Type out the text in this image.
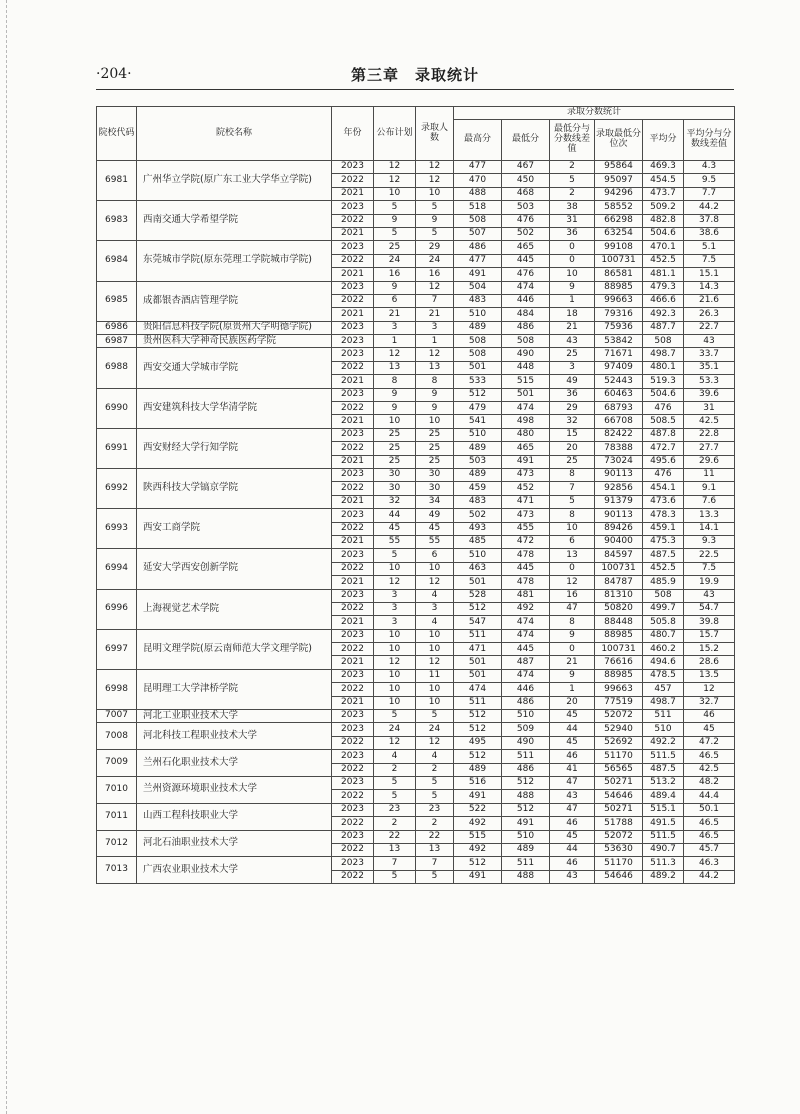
·204·	第三章　录取统计
院校代码	院校名称	年份	公布计划	录取人数	录取分数统计					
					最高分	最低分	最低分与分数线差值	录取最低分位次	平均分	平均分与分数线差值
6981	广州华立学院(原广东工业大学华立学院)	2023	12	12	477	467	2	95864	469.3	4.3
		2022	12	12	470	450	5	95097	454.5	9.5
		2021	10	10	488	468	2	94296	473.7	7.7
6983	西南交通大学希望学院	2023	5	5	518	503	38	58552	509.2	44.2
		2022	9	9	508	476	31	66298	482.8	37.8
		2021	5	5	507	502	36	63254	504.6	38.6
6984	东莞城市学院(原东莞理工学院城市学院)	2023	25	29	486	465	0	99108	470.1	5.1
		2022	24	24	477	445	0	100731	452.5	7.5
		2021	16	16	491	476	10	86581	481.1	15.1
6985	成都银杏酒店管理学院	2023	9	12	504	474	9	88985	479.3	14.3
		2022	6	7	483	446	1	99663	466.6	21.6
		2021	21	21	510	484	18	79316	492.3	26.3
6986	贵阳信息科技学院(原贵州大学明德学院)	2023	3	3	489	486	21	75936	487.7	22.7
6987	贵州医科大学神奇民族医药学院	2023	1	1	508	508	43	53842	508	43
6988	西安交通大学城市学院	2023	12	12	508	490	25	71671	498.7	33.7
		2022	13	13	501	448	3	97409	480.1	35.1
		2021	8	8	533	515	49	52443	519.3	53.3
6990	西安建筑科技大学华清学院	2023	9	9	512	501	36	60463	504.6	39.6
		2022	9	9	479	474	29	68793	476	31
		2021	10	10	541	498	32	66708	508.5	42.5
6991	西安财经大学行知学院	2023	25	25	510	480	15	82422	487.8	22.8
		2022	25	25	489	465	20	78388	472.7	27.7
		2021	25	25	503	491	25	73024	495.6	29.6
6992	陕西科技大学镐京学院	2023	30	30	489	473	8	90113	476	11
		2022	30	30	459	452	7	92856	454.1	9.1
		2021	32	34	483	471	5	91379	473.6	7.6
6993	西安工商学院	2023	44	49	502	473	8	90113	478.3	13.3
		2022	45	45	493	455	10	89426	459.1	14.1
		2021	55	55	485	472	6	90400	475.3	9.3
6994	延安大学西安创新学院	2023	5	6	510	478	13	84597	487.5	22.5
		2022	10	10	463	445	0	100731	452.5	7.5
		2021	12	12	501	478	12	84787	485.9	19.9
6996	上海视觉艺术学院	2023	3	4	528	481	16	81310	508	43
		2022	3	3	512	492	47	50820	499.7	54.7
		2021	3	4	547	474	8	88448	505.8	39.8
6997	昆明文理学院(原云南师范大学文理学院)	2023	10	10	511	474	9	88985	480.7	15.7
		2022	10	10	471	445	0	100731	460.2	15.2
		2021	12	12	501	487	21	76616	494.6	28.6
6998	昆明理工大学津桥学院	2023	10	11	501	474	9	88985	478.5	13.5
		2022	10	10	474	446	1	99663	457	12
		2021	10	10	511	486	20	77519	498.7	32.7
7007	河北工业职业技术大学	2023	5	5	512	510	45	52072	511	46
7008	河北科技工程职业技术大学	2023	24	24	512	509	44	52940	510	45
		2022	12	12	495	490	45	52692	492.2	47.2
7009	兰州石化职业技术大学	2023	4	4	512	511	46	51170	511.5	46.5
		2022	2	2	489	486	41	56565	487.5	42.5
7010	兰州资源环境职业技术大学	2023	5	5	516	512	47	50271	513.2	48.2
		2022	5	5	491	488	43	54646	489.4	44.4
7011	山西工程科技职业大学	2023	23	23	522	512	47	50271	515.1	50.1
		2022	2	2	492	491	46	51788	491.5	46.5
7012	河北石油职业技术大学	2023	22	22	515	510	45	52072	511.5	46.5
		2022	13	13	492	489	44	53630	490.7	45.7
7013	广西农业职业技术大学	2023	7	7	512	511	46	51170	511.3	46.3
		2022	5	5	491	488	43	54646	489.2	44.2
